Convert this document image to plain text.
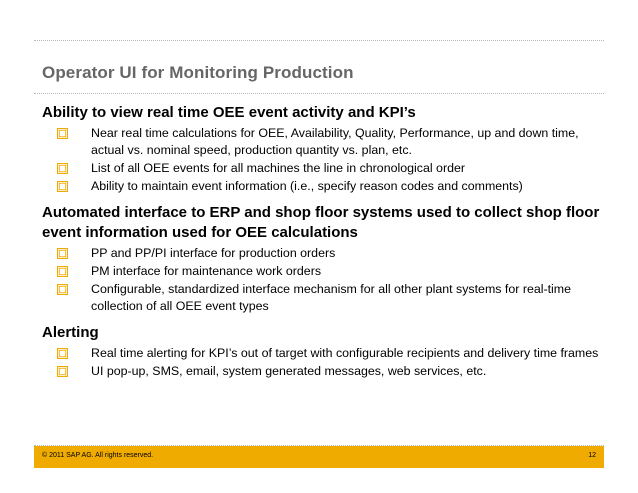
Operator UI for Monitoring Production
Ability to view real time OEE event activity and KPI’s
Near real time calculations for OEE, Availability, Quality, Performance, up and down time, actual vs. nominal speed, production quantity vs. plan, etc.
List of all OEE events for all machines the line in chronological order
Ability to maintain event information (i.e., specify reason codes and comments)
Automated interface to ERP and shop floor systems used to collect shop floor event information used for OEE calculations
PP and PP/PI interface for production orders
PM interface for maintenance work orders
Configurable, standardized interface mechanism for all other plant systems for real-time collection of all OEE event types
Alerting
Real time alerting for KPI’s out of target with configurable recipients and delivery time frames
UI pop-up, SMS, email, system generated messages, web services, etc.
© 2011 SAP AG. All rights reserved.	12
